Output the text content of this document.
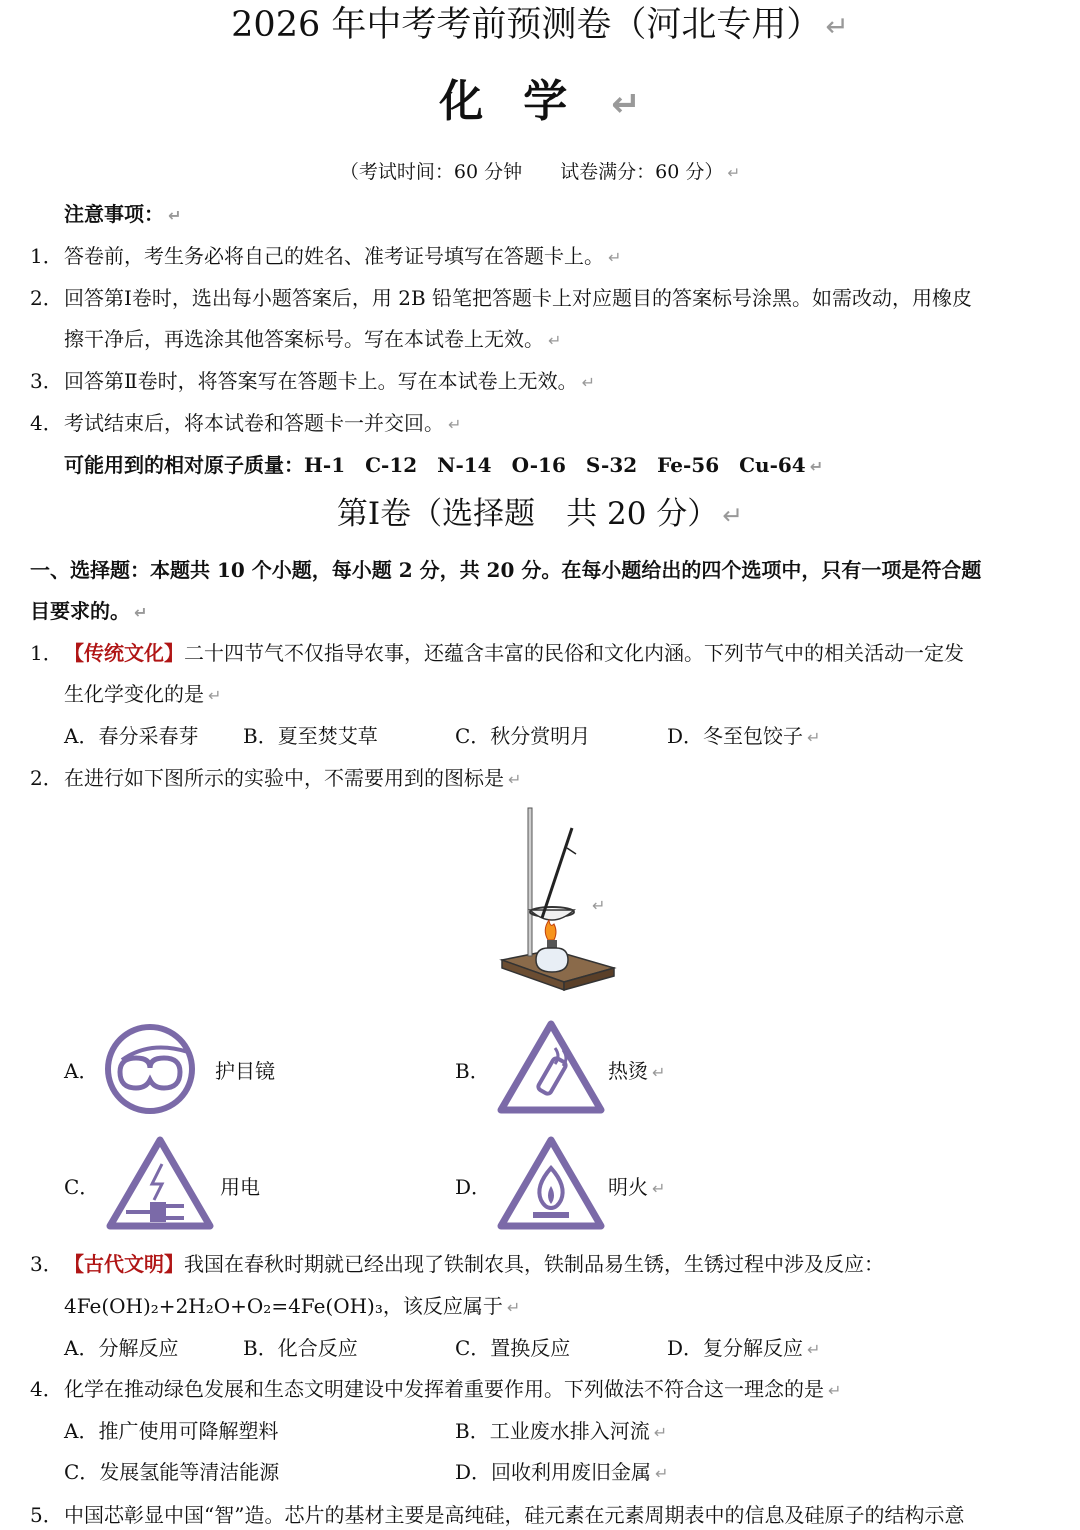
2026 年中考考前预测卷（河北专用） ↵
化学 ↵
（考试时间：60 分钟　　试卷满分：60 分） ↵
注意事项： ↵
1． 答卷前，考生务必将自己的姓名、准考证号填写在答题卡上。 ↵
2． 回答第Ⅰ卷时，选出每小题答案后，用 2B 铅笔把答题卡上对应题目的答案标号涂黑。如需改动，用橡皮
擦干净后，再选涂其他答案标号。写在本试卷上无效。 ↵
3． 回答第Ⅱ卷时，将答案写在答题卡上。写在本试卷上无效。 ↵
4． 考试结束后，将本试卷和答题卡一并交回。 ↵
可能用到的相对原子质量：H-1　C-12　N-14　O-16　S-32　Fe-56　Cu-64 ↵
第Ⅰ卷（选择题　共 20 分） ↵
一、选择题：本题共 10 个小题，每小题 2 分，共 20 分。在每小题给出的四个选项中，只有一项是符合题
目要求的。 ↵
1． 【传统文化】二十四节气不仅指导农事，还蕴含丰富的民俗和文化内涵。下列节气中的相关活动一定发
生化学变化的是 ↵
A．春分采春芽 B．夏至焚艾草	C．秋分赏明月	D．冬至包饺子 ↵
2． 在进行如下图所示的实验中，不需要用到的图标是 ↵
↵
A．	护目镜	B．	热烫 ↵
C．	用电	D．	明火 ↵
3． 【古代文明】我国在春秋时期就已经出现了铁制农具，铁制品易生锈，生锈过程中涉及反应：
4Fe(OH)₂+2H₂O+O₂=4Fe(OH)₃，该反应属于 ↵
A．分解反应	B．化合反应	C．置换反应	D．复分解反应 ↵
4． 化学在推动绿色发展和生态文明建设中发挥着重要作用。下列做法不符合这一理念的是 ↵
A．推广使用可降解塑料	B．工业废水排入河流 ↵
C．发展氢能等清洁能源	D．回收利用废旧金属 ↵
5． 中国芯彰显中国“智”造。芯片的基材主要是高纯硅，硅元素在元素周期表中的信息及硅原子的结构示意
